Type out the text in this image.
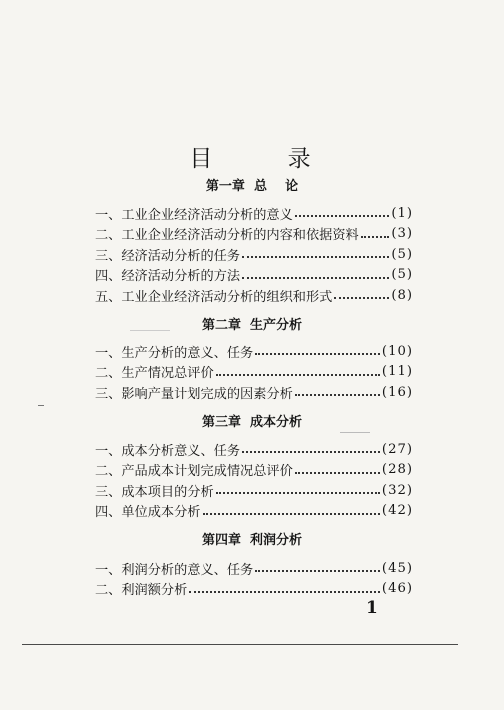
目 录
第一章  总    论
一、工业企业经济活动分析的意义	(1)
二、工业企业经济活动分析的内容和依据资料 (3)
三、经济活动分析的任务	(5)
四、经济活动分析的方法	(5)
五、工业企业经济活动分析的组织和形式	(8)
第二章  生产分析
一、生产分析的意义、任务	(10)
二、生产情况总评价	(11)
三、影响产量计划完成的因素分析	(16)
第三章  成本分析
一、成本分析意义、任务	(27)
二、产品成本计划完成情况总评价	(28)
三、成本项目的分析	(32)
四、单位成本分析	(42)
第四章  利润分析
一、利润分析的意义、任务	(45)
二、利润额分析	(46)
1
